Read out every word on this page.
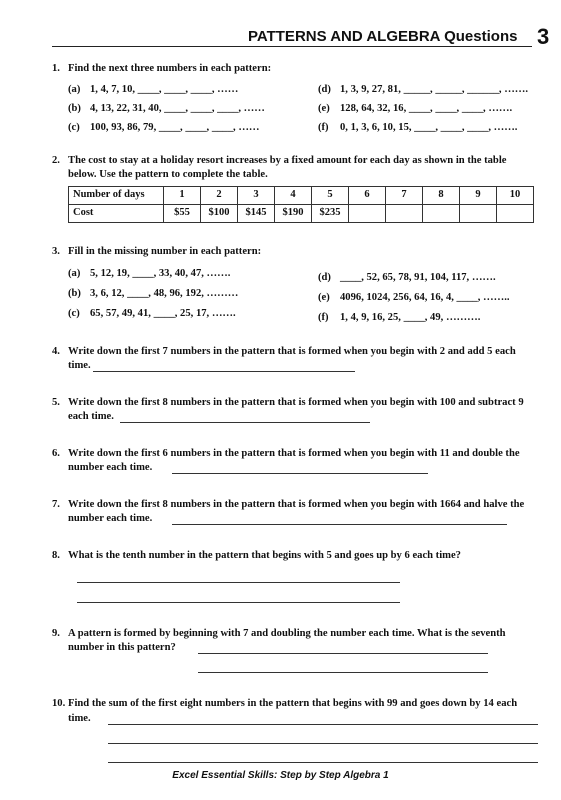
PATTERNS AND ALGEBRA Questions 3
1. Find the next three numbers in each pattern:
(a) 1, 4, 7, 10, ____, ____, ____, ……
(b) 4, 13, 22, 31, 40, ____, ____, ____, ……
(c) 100, 93, 86, 79, ____, ____, ____, ……
(d) 1, 3, 9, 27, 81, _____, _____, ______, …….
(e) 128, 64, 32, 16, ____, ____, ____, …….
(f) 0, 1, 3, 6, 10, 15, ____, ____, ____, …….
2. The cost to stay at a holiday resort increases by a fixed amount for each day as shown in the table
below. Use the pattern to complete the table.
Number of days	1	2	3	4	5	6	7	8	9	10
Cost	$55	$100	$145	$190	$235					
3. Fill in the missing number in each pattern:
(a) 5, 12, 19, ____, 33, 40, 47, …….
(b) 3, 6, 12, ____, 48, 96, 192, ………
(c) 65, 57, 49, 41, ____, 25, 17, …….
(d) ____, 52, 65, 78, 91, 104, 117, …….
(e) 4096, 1024, 256, 64, 16, 4, ____, ……..
(f) 1, 4, 9, 16, 25, ____, 49, ……….
4. Write down the first 7 numbers in the pattern that is formed when you begin with 2 and add 5 each
time.
5. Write down the first 8 numbers in the pattern that is formed when you begin with 100 and subtract 9
each time.
6. Write down the first 6 numbers in the pattern that is formed when you begin with 11 and double the
number each time.
7. Write down the first 8 numbers in the pattern that is formed when you begin with 1664 and halve the
number each time.
8. What is the tenth number in the pattern that begins with 5 and goes up by 6 each time?
9. A pattern is formed by beginning with 7 and doubling the number each time. What is the seventh
number in this pattern?
10. Find the sum of the first eight numbers in the pattern that begins with 99 and goes down by 14 each
time.
Excel Essential Skills: Step by Step Algebra 1
